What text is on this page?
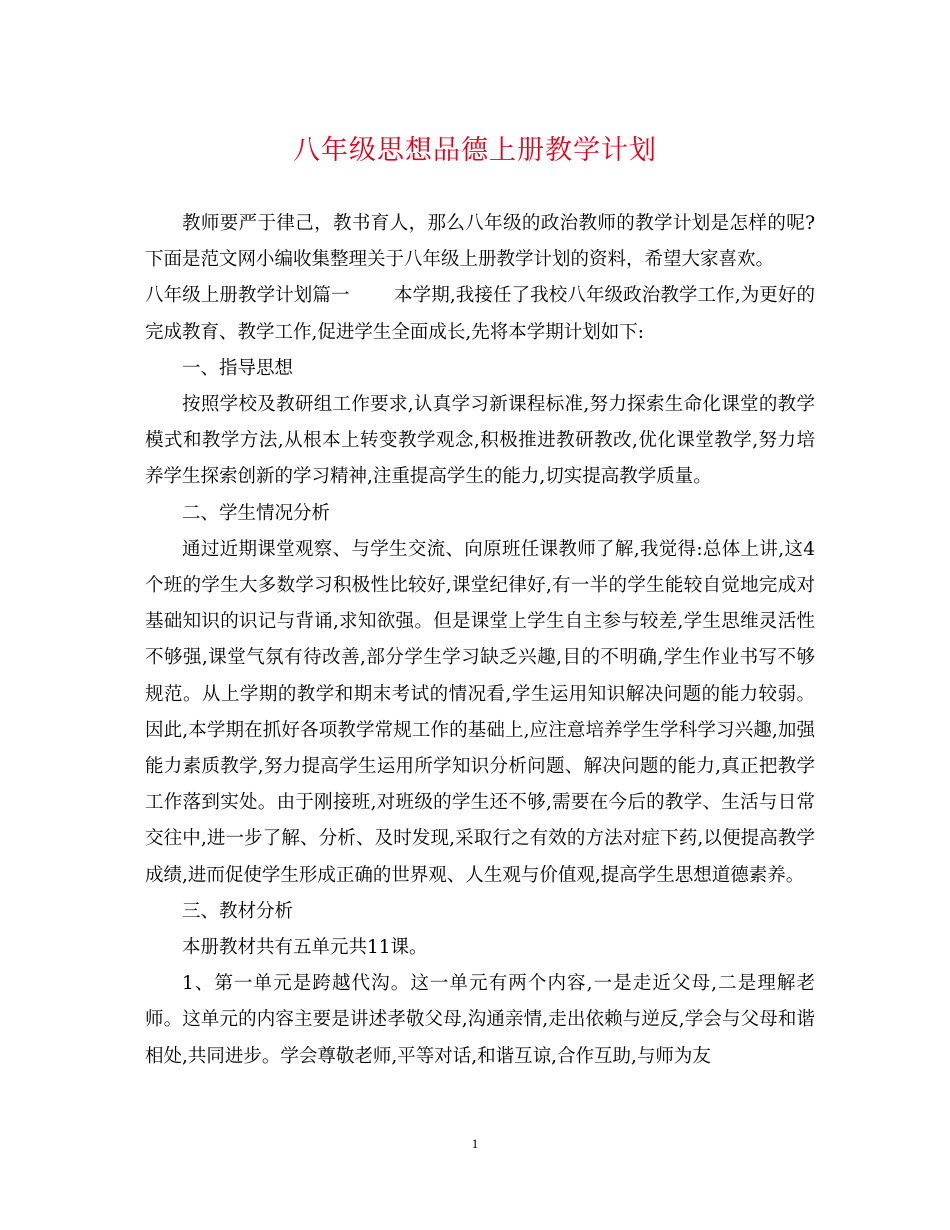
八年级思想品德上册教学计划

教师要严于律己，教书育人，那么八年级的政治教师的教学计划是怎样的呢?下面是范文网小编收集整理关于八年级上册教学计划的资料，希望大家喜欢。

八年级上册教学计划篇一 本学期,我接任了我校八年级政治教学工作,为更好的完成教育、教学工作,促进学生全面成长,先将本学期计划如下:

一、指导思想

按照学校及教研组工作要求,认真学习新课程标准,努力探索生命化课堂的教学模式和教学方法,从根本上转变教学观念,积极推进教研教改,优化课堂教学,努力培养学生探索创新的学习精神,注重提高学生的能力,切实提高教学质量。

二、学生情况分析

通过近期课堂观察、与学生交流、向原班任课教师了解,我觉得:总体上讲,这4个班的学生大多数学习积极性比较好,课堂纪律好,有一半的学生能较自觉地完成对基础知识的识记与背诵,求知欲强。但是课堂上学生自主参与较差,学生思维灵活性不够强,课堂气氛有待改善,部分学生学习缺乏兴趣,目的不明确,学生作业书写不够规范。从上学期的教学和期末考试的情况看,学生运用知识解决问题的能力较弱。因此,本学期在抓好各项教学常规工作的基础上,应注意培养学生学科学习兴趣,加强能力素质教学,努力提高学生运用所学知识分析问题、解决问题的能力,真正把教学工作落到实处。由于刚接班,对班级的学生还不够,需要在今后的教学、生活与日常交往中,进一步了解、分析、及时发现,采取行之有效的方法对症下药,以便提高教学成绩,进而促使学生形成正确的世界观、人生观与价值观,提高学生思想道德素养。

三、教材分析

本册教材共有五单元共11课。

1、第一单元是跨越代沟。这一单元有两个内容,一是走近父母,二是理解老师。这单元的内容主要是讲述孝敬父母,沟通亲情,走出依赖与逆反,学会与父母和谐相处,共同进步。学会尊敬老师,平等对话,和谐互谅,合作互助,与师为友

1
